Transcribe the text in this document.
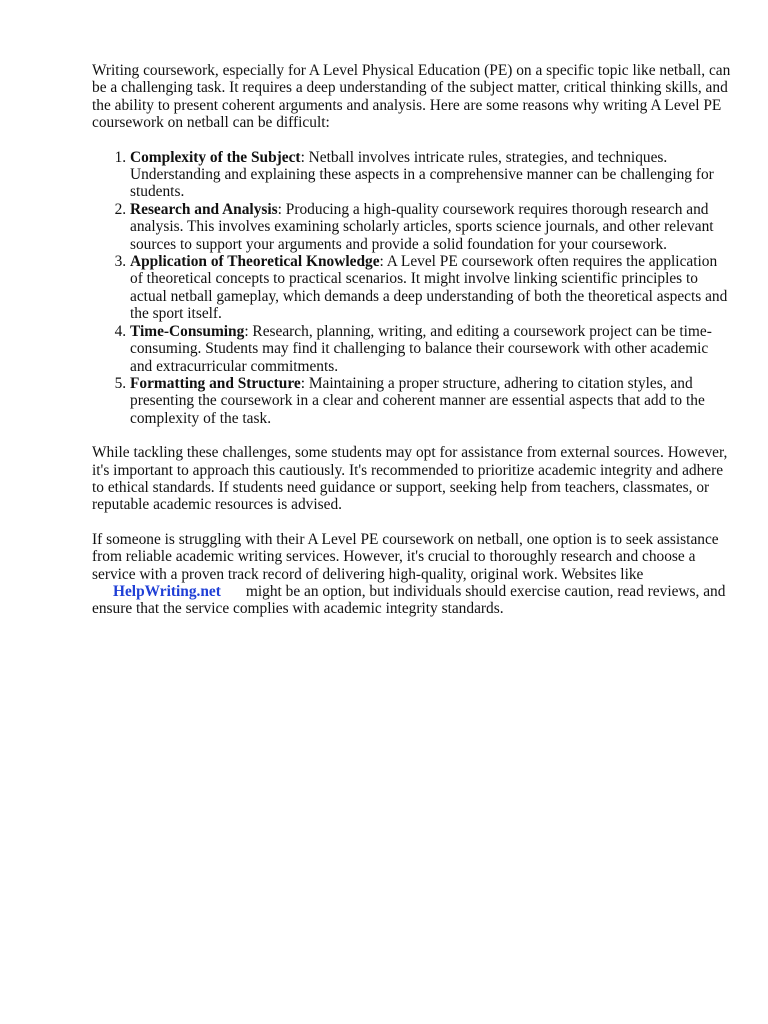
Writing coursework, especially for A Level Physical Education (PE) on a specific topic like netball, can be a challenging task. It requires a deep understanding of the subject matter, critical thinking skills, and the ability to present coherent arguments and analysis. Here are some reasons why writing A Level PE coursework on netball can be difficult:

1. Complexity of the Subject: Netball involves intricate rules, strategies, and techniques. Understanding and explaining these aspects in a comprehensive manner can be challenging for students.
2. Research and Analysis: Producing a high-quality coursework requires thorough research and analysis. This involves examining scholarly articles, sports science journals, and other relevant sources to support your arguments and provide a solid foundation for your coursework.
3. Application of Theoretical Knowledge: A Level PE coursework often requires the application of theoretical concepts to practical scenarios. It might involve linking scientific principles to actual netball gameplay, which demands a deep understanding of both the theoretical aspects and the sport itself.
4. Time-Consuming: Research, planning, writing, and editing a coursework project can be time-consuming. Students may find it challenging to balance their coursework with other academic and extracurricular commitments.
5. Formatting and Structure: Maintaining a proper structure, adhering to citation styles, and presenting the coursework in a clear and coherent manner are essential aspects that add to the complexity of the task.

While tackling these challenges, some students may opt for assistance from external sources. However, it's important to approach this cautiously. It's recommended to prioritize academic integrity and adhere to ethical standards. If students need guidance or support, seeking help from teachers, classmates, or reputable academic resources is advised.

If someone is struggling with their A Level PE coursework on netball, one option is to seek assistance from reliable academic writing services. However, it's crucial to thoroughly research and choose a service with a proven track record of delivering high-quality, original work. Websites like
HelpWriting.net might be an option, but individuals should exercise caution, read reviews, and ensure that the service complies with academic integrity standards.
